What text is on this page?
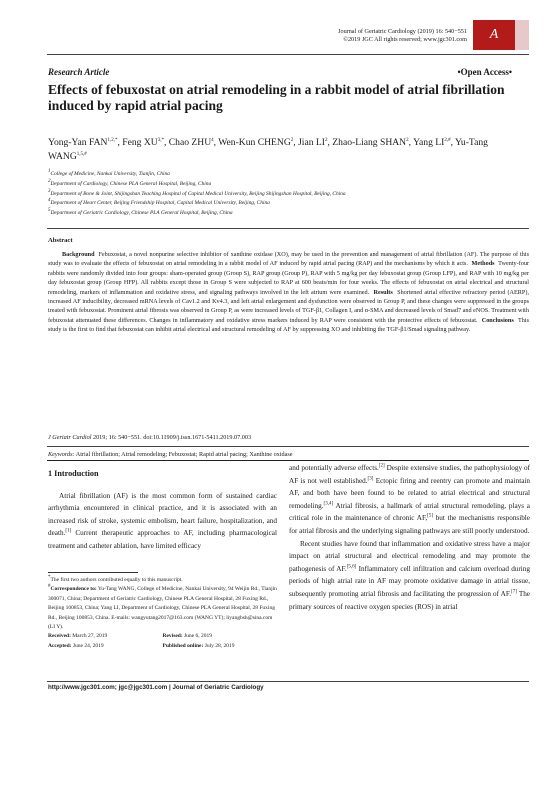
Journal of Geriatric Cardiology (2019) 16: 540−551
©2019 JGC All rights reserved; www.jgc301.com A
Research Article	•Open Access•
Effects of febuxostat on atrial remodeling in a rabbit model of atrial fibrillation induced by rapid atrial pacing
Yong-Yan $FAN^{1,2,*}$, Feng $XU^{3,*}$, Chao ZHU$^4$, Wen-Kun CHENG$^2$, Jian $LI^2$, Zhao-Liang SHAN$^2$, Yang $LI^{2,\#}$, Yu-Tang $WANG^{1,5,\#}$
$^1$College of Medicine, Nankai University, Tianjin, China
$^2$Department of Cardiology, Chinese PLA General Hospital, Beijing, China
$^3$Department of Bone & Joint, Shijingshan Teaching Hospital of Capital Medical University, Beijing Shijingshan Hospital, Beijing, China
$^4$Department of Heart Center, Beijing Friendship Hospital, Capital Medical University, Beijing, China
$^5$Department of Geriatric Cardiology, Chinese PLA General Hospital, Beijing, China
Abstract

Background Febuxostat, a novel nonpurine selective inhibitor of xanthine oxidase (XO), may be used in the prevention and management of atrial fibrillation (AF). The purpose of this study was to evaluate the effects of febuxostat on atrial remodeling in a rabbit model of AF induced by rapid atrial pacing (RAP) and the mechanisms by which it acts. Methods Twenty-four rabbits were randomly divided into four groups: sham-operated group (Group S), RAP group (Group P), RAP with 5 mg/kg per day febuxostat group (Group LFP), and RAP with 10 mg/kg per day febuxostat group (Group HFP). All rabbits except those in Group S were subjected to RAP at 600 beats/min for four weeks. The effects of febuxostat on atrial electrical and structural remodeling, markers of inflammation and oxidative stress, and signaling pathways involved in the left atrium were examined. Results Shortened atrial effective refractory period (AERP), increased AF inducibility, decreased mRNA levels of Cav1.2 and Kv4.3, and left atrial enlargement and dysfunction were observed in Group P, and these changes were suppressed in the groups treated with febuxostat. Prominent atrial fibrosis was observed in Group P, as were increased levels of TGF-β1, Collagen I, and α-SMA and decreased levels of Smad7 and eNOS. Treatment with febuxostat attenuated these differences. Changes in inflammatory and oxidative stress markers induced by RAP were consistent with the protective effects of febuxostat. Conclusions This study is the first to find that febuxostat can inhibit atrial electrical and structural remodeling of AF by suppressing XO and inhibiting the TGF-β1/Smad signaling pathway.

J Geriatr Cardiol 2019; 16: 540−551. doi:10.11909/j.issn.1671-5411.2019.07.003
Keywords: Atrial fibrillation; Atrial remodeling; Febuxostat; Rapid atrial pacing; Xanthine oxidase
1 Introduction

Atrial fibrillation (AF) is the most common form of sustained cardiac arrhythmia encountered in clinical practice, and it is associated with an increased risk of stroke, systemic embolism, heart failure, hospitalization, and death.[1] Current therapeutic approaches to AF, including pharmacological treatment and catheter ablation, have limited efficacy

*The first two authors contributed equally to this manuscript.
#Correspondence to: Yu-Tang WANG, College of Medicine, Nankai University, 94 Weijin Rd., Tianjin 300071, China; Department of Geriatric Cardiology, Chinese PLA General Hospital, 28 Fuxing Rd., Beijing 100853, China; Yang LI, Department of Cardiology, Chinese PLA General Hospital, 28 Fuxing Rd., Beijing 100853, China. E-mails: wangyutang2017@163.com (WANG YT); liyangbsh@sina.com (LI Y).
Received: March 27, 2019	Revised: June 6, 2019
Accepted: June 24, 2019	Published online: July 28, 2019

and potentially adverse effects.[2] Despite extensive studies, the pathophysiology of AF is not well established.[3] Ectopic firing and reentry can promote and maintain AF, and both have been found to be related to atrial electrical and structural remodeling.[3,4] Atrial fibrosis, a hallmark of atrial structural remodeling, plays a critical role in the maintenance of chronic AF,[5] but the mechanisms responsible for atrial fibrosis and the underlying signaling pathways are still poorly understood.

Recent studies have found that inflammation and oxidative stress have a major impact on atrial structural and electrical remodeling and may promote the pathogenesis of AF.[5,6] Inflammatory cell infiltration and calcium overload during periods of high atrial rate in AF may promote oxidative damage in atrial tissue, subsequently promoting atrial fibrosis and facilitating the progression of AF.[7] The primary sources of reactive oxygen species (ROS) in atrial

http://www.jgc301.com; jgc@jgc301.com | Journal of Geriatric Cardiology
